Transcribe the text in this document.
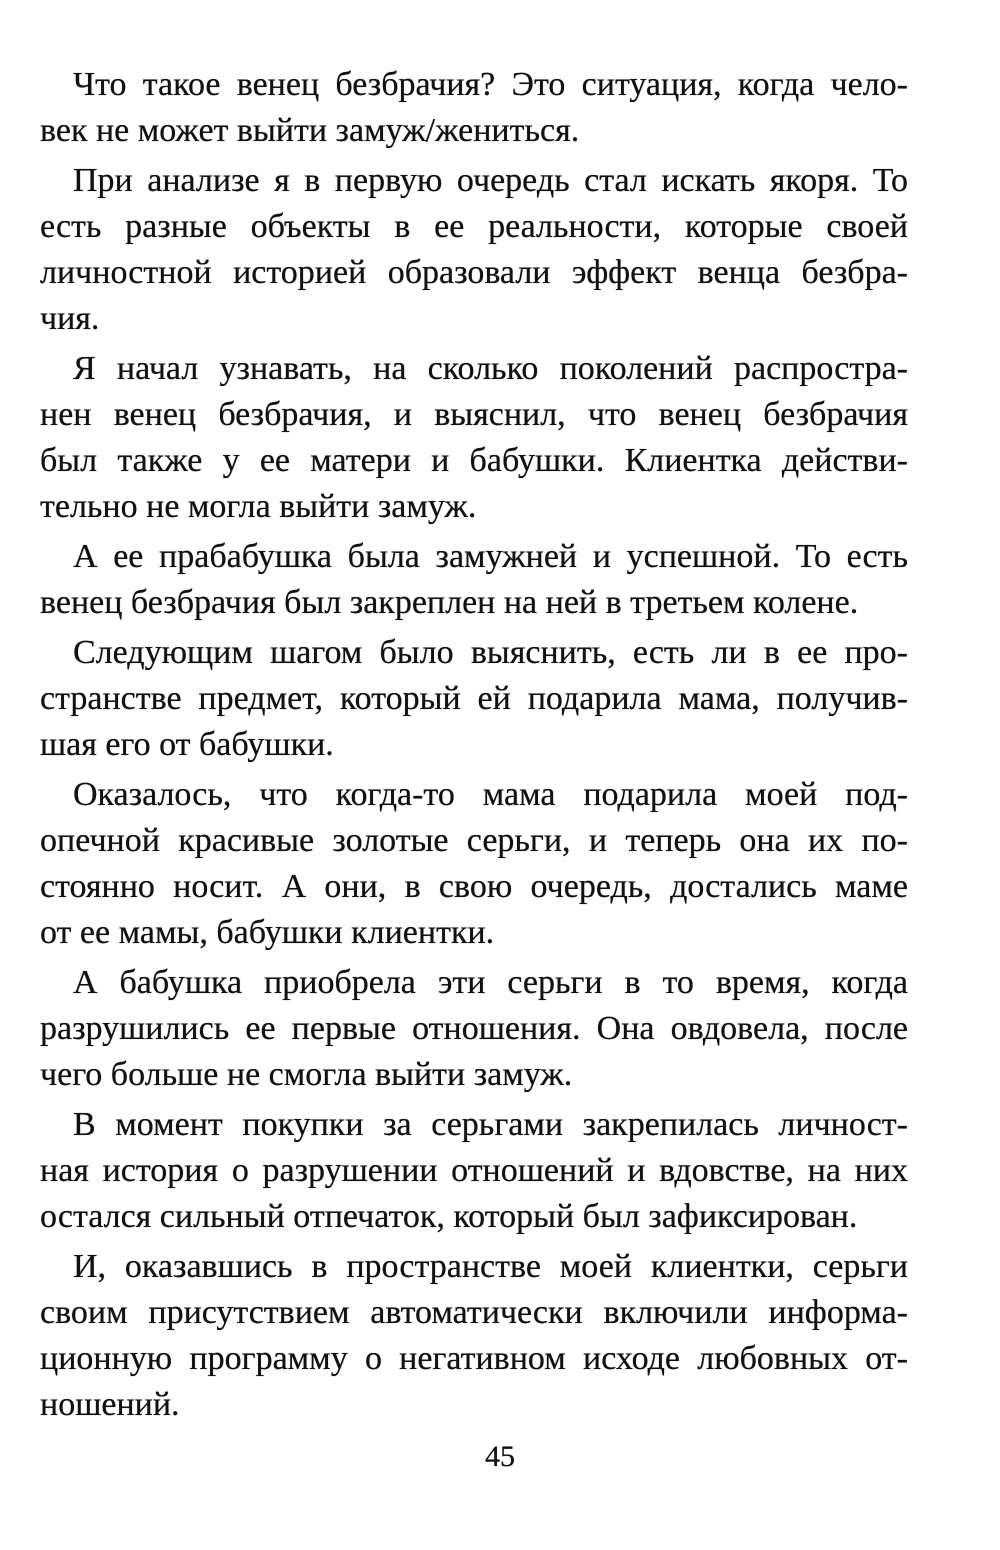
Что такое венец безбрачия? Это ситуация, когда чело-
век не может выйти замуж/жениться.
При анализе я в первую очередь стал искать якоря. То
есть разные объекты в ее реальности, которые своей
личностной историей образовали эффект венца безбра-
чия.
Я начал узнавать, на сколько поколений распростра-
нен венец безбрачия, и выяснил, что венец безбрачия
был также у ее матери и бабушки. Клиентка действи-
тельно не могла выйти замуж.
А ее прабабушка была замужней и успешной. То есть
венец безбрачия был закреплен на ней в третьем колене.
Следующим шагом было выяснить, есть ли в ее про-
странстве предмет, который ей подарила мама, получив-
шая его от бабушки.
Оказалось, что когда-то мама подарила моей под-
опечной красивые золотые серьги, и теперь она их по-
стоянно носит. А они, в свою очередь, достались маме
от ее мамы, бабушки клиентки.
А бабушка приобрела эти серьги в то время, когда
разрушились ее первые отношения. Она овдовела, после
чего больше не смогла выйти замуж.
В момент покупки за серьгами закрепилась личност-
ная история о разрушении отношений и вдовстве, на них
остался сильный отпечаток, который был зафиксирован.
И, оказавшись в пространстве моей клиентки, серьги
своим присутствием автоматически включили информа-
ционную программу о негативном исходе любовных от-
ношений.
45
